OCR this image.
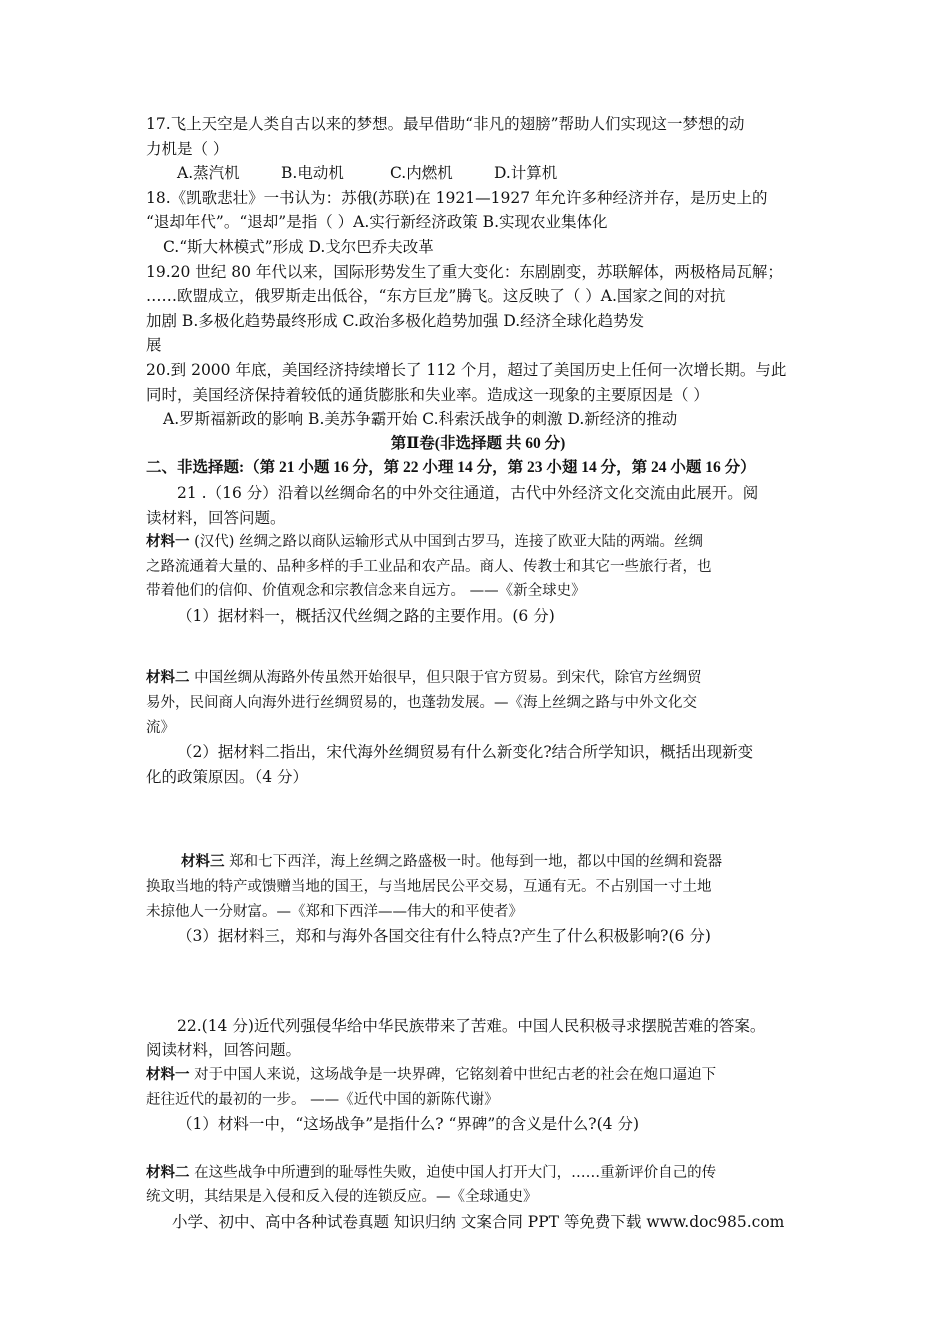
17.飞上天空是人类自古以来的梦想。最早借助“非凡的翅膀”帮助人们实现这一梦想的动
力机是（ ）
A.蒸汽机	B.电动机	C.内燃机	D.计算机
18.《凯歌悲壮》一书认为：苏俄(苏联)在 1921—1927 年允许多种经济并存，是历史上的
“退却年代”。“退却”是指（ ）A.实行新经济政策 B.实现农业集体化
C.“斯大林模式”形成 D.戈尔巴乔夫改革
19.20 世纪 80 年代以来，国际形势发生了重大变化：东剧剧变，苏联解体，两极格局瓦解；
……欧盟成立，俄罗斯走出低谷，“东方巨龙”腾飞。这反映了（ ）A.国家之间的对抗
加剧 B.多极化趋势最终形成 C.政治多极化趋势加强 D.经济全球化趋势发
展
20.到 2000 年底，美国经济持续增长了 112 个月，超过了美国历史上任何一次增长期。与此
同时，美国经济保持着较低的通货膨胀和失业率。造成这一现象的主要原因是（ ）
A.罗斯福新政的影响 B.美苏争霸开始 C.科索沃战争的刺激 D.新经济的推动
第Ⅱ卷(非选择题 共 60 分)
二、非选择题:（第 21 小题 16 分，第 22 小理 14 分，第 23 小翅 14 分，第 24 小题 16 分）
21 .（16 分）沿着以丝绸命名的中外交往通道，古代中外经济文化交流由此展开。阅
读材料，回答问题。
材料一 (汉代) 丝绸之路以商队运输形式从中国到古罗马，连接了欧亚大陆的两端。丝绸
之路流通着大量的、品种多样的手工业品和农产品。商人、传教士和其它一些旅行者，也
带着他们的信仰、价值观念和宗教信念来自远方。 ——《新全球史》
（1）据材料一，概括汉代丝绸之路的主要作用。(6 分)
材料二 中国丝绸从海路外传虽然开始很早，但只限于官方贸易。到宋代，除官方丝绸贸
易外，民间商人向海外进行丝绸贸易的，也蓬勃发展。—《海上丝绸之路与中外文化交
流》
（2）据材料二指出，宋代海外丝绸贸易有什么新变化?结合所学知识，概括出现新变
化的政策原因。（4 分）
材料三 郑和七下西洋，海上丝绸之路盛极一时。他每到一地，都以中国的丝绸和瓷器
换取当地的特产或馈赠当地的国王，与当地居民公平交易，互通有无。不占别国一寸土地
未掠他人一分财富。—《郑和下西洋——伟大的和平使者》
（3）据材料三，郑和与海外各国交往有什么特点?产生了什么积极影响?(6 分)
22.(14 分)近代列强侵华给中华民族带来了苦难。中国人民积极寻求摆脱苦难的答案。
阅读材料，回答问题。
材料一 对于中国人来说，这场战争是一块界碑，它铭刻着中世纪古老的社会在炮口逼迫下
赶往近代的最初的一步。 ——《近代中国的新陈代谢》
（1）材料一中，“这场战争”是指什么? “界碑”的含义是什么?(4 分)
材料二 在这些战争中所遭到的耻辱性失败，迫使中国人打开大门，……重新评价自己的传
统文明，其结果是入侵和反入侵的连锁反应。—《全球通史》
小学、初中、高中各种试卷真题 知识归纳 文案合同 PPT 等免费下载 www.doc985.com
